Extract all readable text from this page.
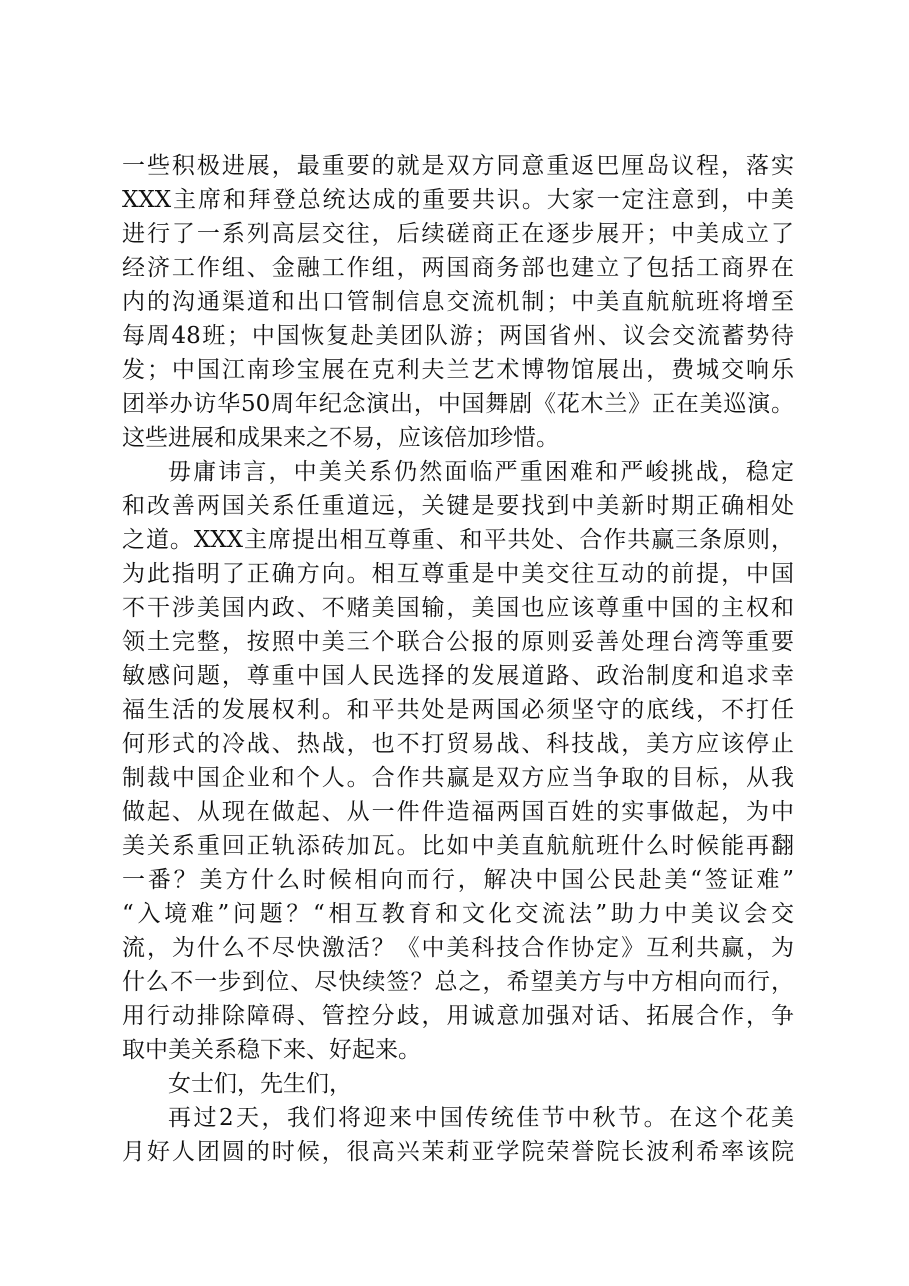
一些积极进展，最重要的就是双方同意重返巴厘岛议程，落实
XXX主席和拜登总统达成的重要共识。大家一定注意到，中美
进行了一系列高层交往，后续磋商正在逐步展开；中美成立了
经济工作组、金融工作组，两国商务部也建立了包括工商界在
内的沟通渠道和出口管制信息交流机制；中美直航航班将增至
每周48班；中国恢复赴美团队游；两国省州、议会交流蓄势待
发；中国江南珍宝展在克利夫兰艺术博物馆展出，费城交响乐
团举办访华50周年纪念演出，中国舞剧《花木兰》正在美巡演。
这些进展和成果来之不易，应该倍加珍惜。
毋庸讳言，中美关系仍然面临严重困难和严峻挑战，稳定
和改善两国关系任重道远，关键是要找到中美新时期正确相处
之道。XXX主席提出相互尊重、和平共处、合作共赢三条原则，
为此指明了正确方向。相互尊重是中美交往互动的前提，中国
不干涉美国内政、不赌美国输，美国也应该尊重中国的主权和
领土完整，按照中美三个联合公报的原则妥善处理台湾等重要
敏感问题，尊重中国人民选择的发展道路、政治制度和追求幸
福生活的发展权利。和平共处是两国必须坚守的底线，不打任
何形式的冷战、热战，也不打贸易战、科技战，美方应该停止
制裁中国企业和个人。合作共赢是双方应当争取的目标，从我
做起、从现在做起、从一件件造福两国百姓的实事做起，为中
美关系重回正轨添砖加瓦。比如中美直航航班什么时候能再翻
一番？美方什么时候相向而行，解决中国公民赴美“签证难”
“入境难”问题？“相互教育和文化交流法”助力中美议会交
流，为什么不尽快激活？《中美科技合作协定》互利共赢，为
什么不一步到位、尽快续签？总之，希望美方与中方相向而行，
用行动排除障碍、管控分歧，用诚意加强对话、拓展合作，争
取中美关系稳下来、好起来。
女士们，先生们，
再过2天，我们将迎来中国传统佳节中秋节。在这个花美
月好人团圆的时候，很高兴茉莉亚学院荣誉院长波利希率该院
